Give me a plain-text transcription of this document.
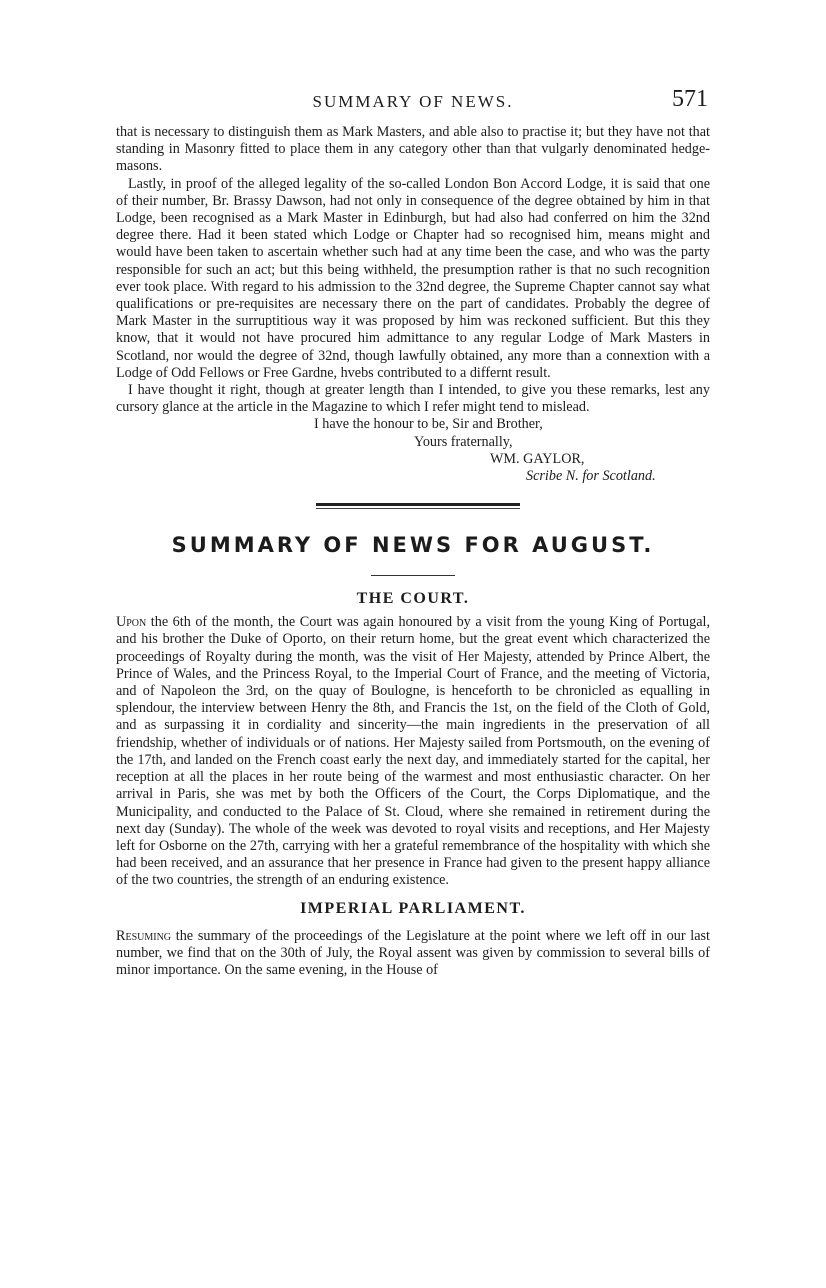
SUMMARY OF NEWS.	571

that is necessary to distinguish them as Mark Masters, and able also to practise it; but they have not that standing in Masonry fitted to place them in any category other than that vulgarly denominated hedge-masons.

Lastly, in proof of the alleged legality of the so-called London Bon Accord Lodge, it is said that one of their number, Br. Brassy Dawson, had not only in consequence of the degree obtained by him in that Lodge, been recognised as a Mark Master in Edinburgh, but had also had conferred on him the 32nd degree there. Had it been stated which Lodge or Chapter had so recognised him, means might and would have been taken to ascertain whether such had at any time been the case, and who was the party responsible for such an act; but this being withheld, the presumption rather is that no such recognition ever took place. With regard to his admission to the 32nd degree, the Supreme Chapter cannot say what qualifications or pre-requisites are necessary there on the part of candidates. Probably the degree of Mark Master in the surruptitious way it was proposed by him was reckoned sufficient. But this they know, that it would not have procured him admittance to any regular Lodge of Mark Masters in Scotland, nor would the degree of 32nd, though lawfully obtained, any more than a connextion with a Lodge of Odd Fellows or Free Gardne, hvebs contributed to a differnt result.

I have thought it right, though at greater length than I intended, to give you these remarks, lest any cursory glance at the article in the Magazine to which I refer might tend to mislead.

I have the honour to be, Sir and Brother,

Yours fraternally,

WM. GAYLOR,

Scribe N. for Scotland.

SUMMARY OF NEWS FOR AUGUST.
THE COURT.

Upon the 6th of the month, the Court was again honoured by a visit from the young King of Portugal, and his brother the Duke of Oporto, on their return home, but the great event which characterized the proceedings of Royalty during the month, was the visit of Her Majesty, attended by Prince Albert, the Prince of Wales, and the Princess Royal, to the Imperial Court of France, and the meeting of Victoria, and of Napoleon the 3rd, on the quay of Boulogne, is henceforth to be chronicled as equalling in splendour, the interview between Henry the 8th, and Francis the 1st, on the field of the Cloth of Gold, and as surpassing it in cordiality and sincerity—the main ingredients in the preservation of all friendship, whether of individuals or of nations. Her Majesty sailed from Portsmouth, on the evening of the 17th, and landed on the French coast early the next day, and immediately started for the capital, her reception at all the places in her route being of the warmest and most enthusiastic character. On her arrival in Paris, she was met by both the Officers of the Court, the Corps Diplomatique, and the Municipality, and conducted to the Palace of St. Cloud, where she remained in retirement during the next day (Sunday). The whole of the week was devoted to royal visits and receptions, and Her Majesty left for Osborne on the 27th, carrying with her a grateful remembrance of the hospitality with which she had been received, and an assurance that her presence in France had given to the present happy alliance of the two countries, the strength of an enduring existence.

IMPERIAL PARLIAMENT.

Resuming the summary of the proceedings of the Legislature at the point where we left off in our last number, we find that on the 30th of July, the Royal assent was given by commission to several bills of minor importance. On the same evening, in the House of
